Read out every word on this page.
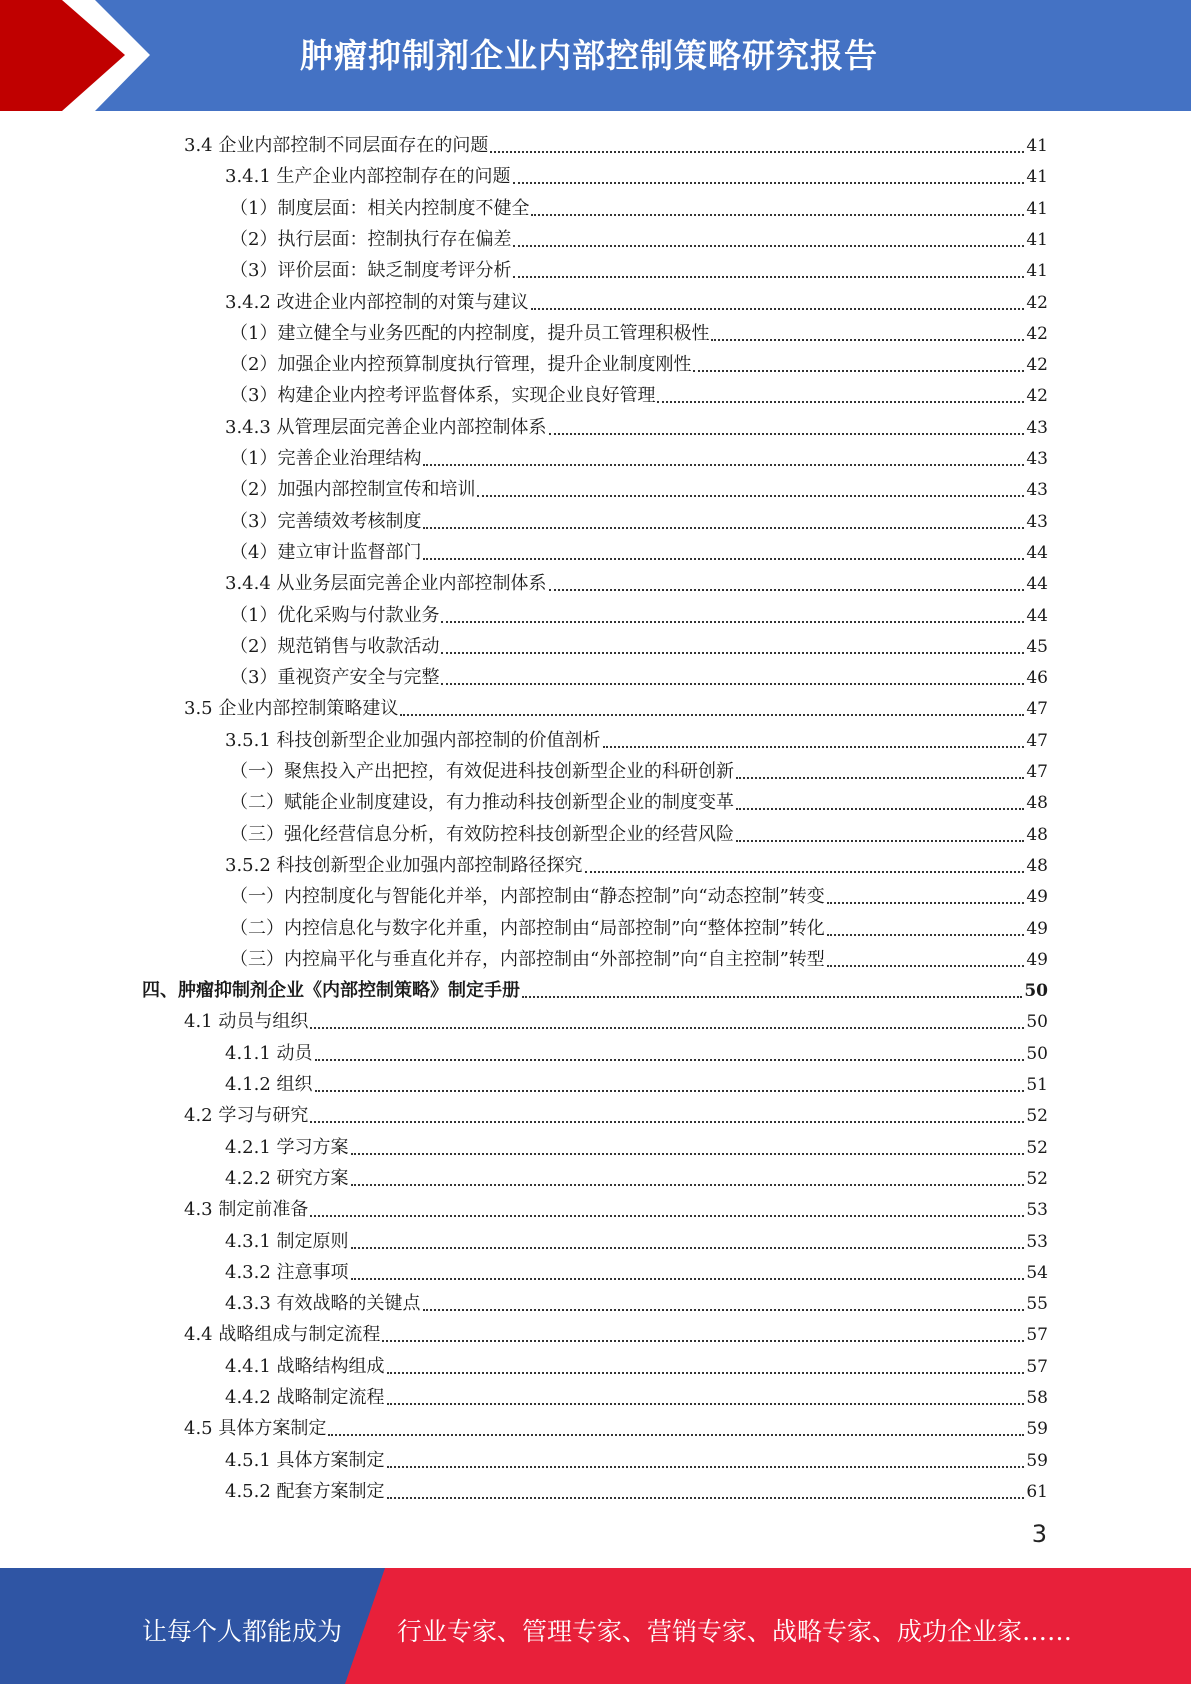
肿瘤抑制剂企业内部控制策略研究报告
3.4 企业内部控制不同层面存在的问题	41
3.4.1 生产企业内部控制存在的问题	41
（1）制度层面：相关内控制度不健全	41
（2）执行层面：控制执行存在偏差	41
（3）评价层面：缺乏制度考评分析	41
3.4.2 改进企业内部控制的对策与建议	42
（1）建立健全与业务匹配的内控制度，提升员工管理积极性	42
（2）加强企业内控预算制度执行管理，提升企业制度刚性	42
（3）构建企业内控考评监督体系，实现企业良好管理	42
3.4.3 从管理层面完善企业内部控制体系	43
（1）完善企业治理结构	43
（2）加强内部控制宣传和培训	43
（3）完善绩效考核制度	43
（4）建立审计监督部门	44
3.4.4 从业务层面完善企业内部控制体系	44
（1）优化采购与付款业务	44
（2）规范销售与收款活动	45
（3）重视资产安全与完整	46
3.5 企业内部控制策略建议	47
3.5.1 科技创新型企业加强内部控制的价值剖析	47
（一）聚焦投入产出把控，有效促进科技创新型企业的科研创新	47
（二）赋能企业制度建设，有力推动科技创新型企业的制度变革	48
（三）强化经营信息分析，有效防控科技创新型企业的经营风险	48
3.5.2 科技创新型企业加强内部控制路径探究	48
（一）内控制度化与智能化并举，内部控制由“静态控制”向“动态控制”转变	49
（二）内控信息化与数字化并重，内部控制由“局部控制”向“整体控制”转化	49
（三）内控扁平化与垂直化并存，内部控制由“外部控制”向“自主控制”转型	49
四、肿瘤抑制剂企业《内部控制策略》制定手册	50
4.1 动员与组织	50
4.1.1 动员	50
4.1.2 组织	51
4.2 学习与研究	52
4.2.1 学习方案	52
4.2.2 研究方案	52
4.3 制定前准备	53
4.3.1 制定原则	53
4.3.2 注意事项	54
4.3.3 有效战略的关键点	55
4.4 战略组成与制定流程	57
4.4.1 战略结构组成	57
4.4.2 战略制定流程	58
4.5 具体方案制定	59
4.5.1 具体方案制定	59
4.5.2 配套方案制定	61
3
让每个人都能成为 行业专家、管理专家、营销专家、战略专家、成功企业家……
